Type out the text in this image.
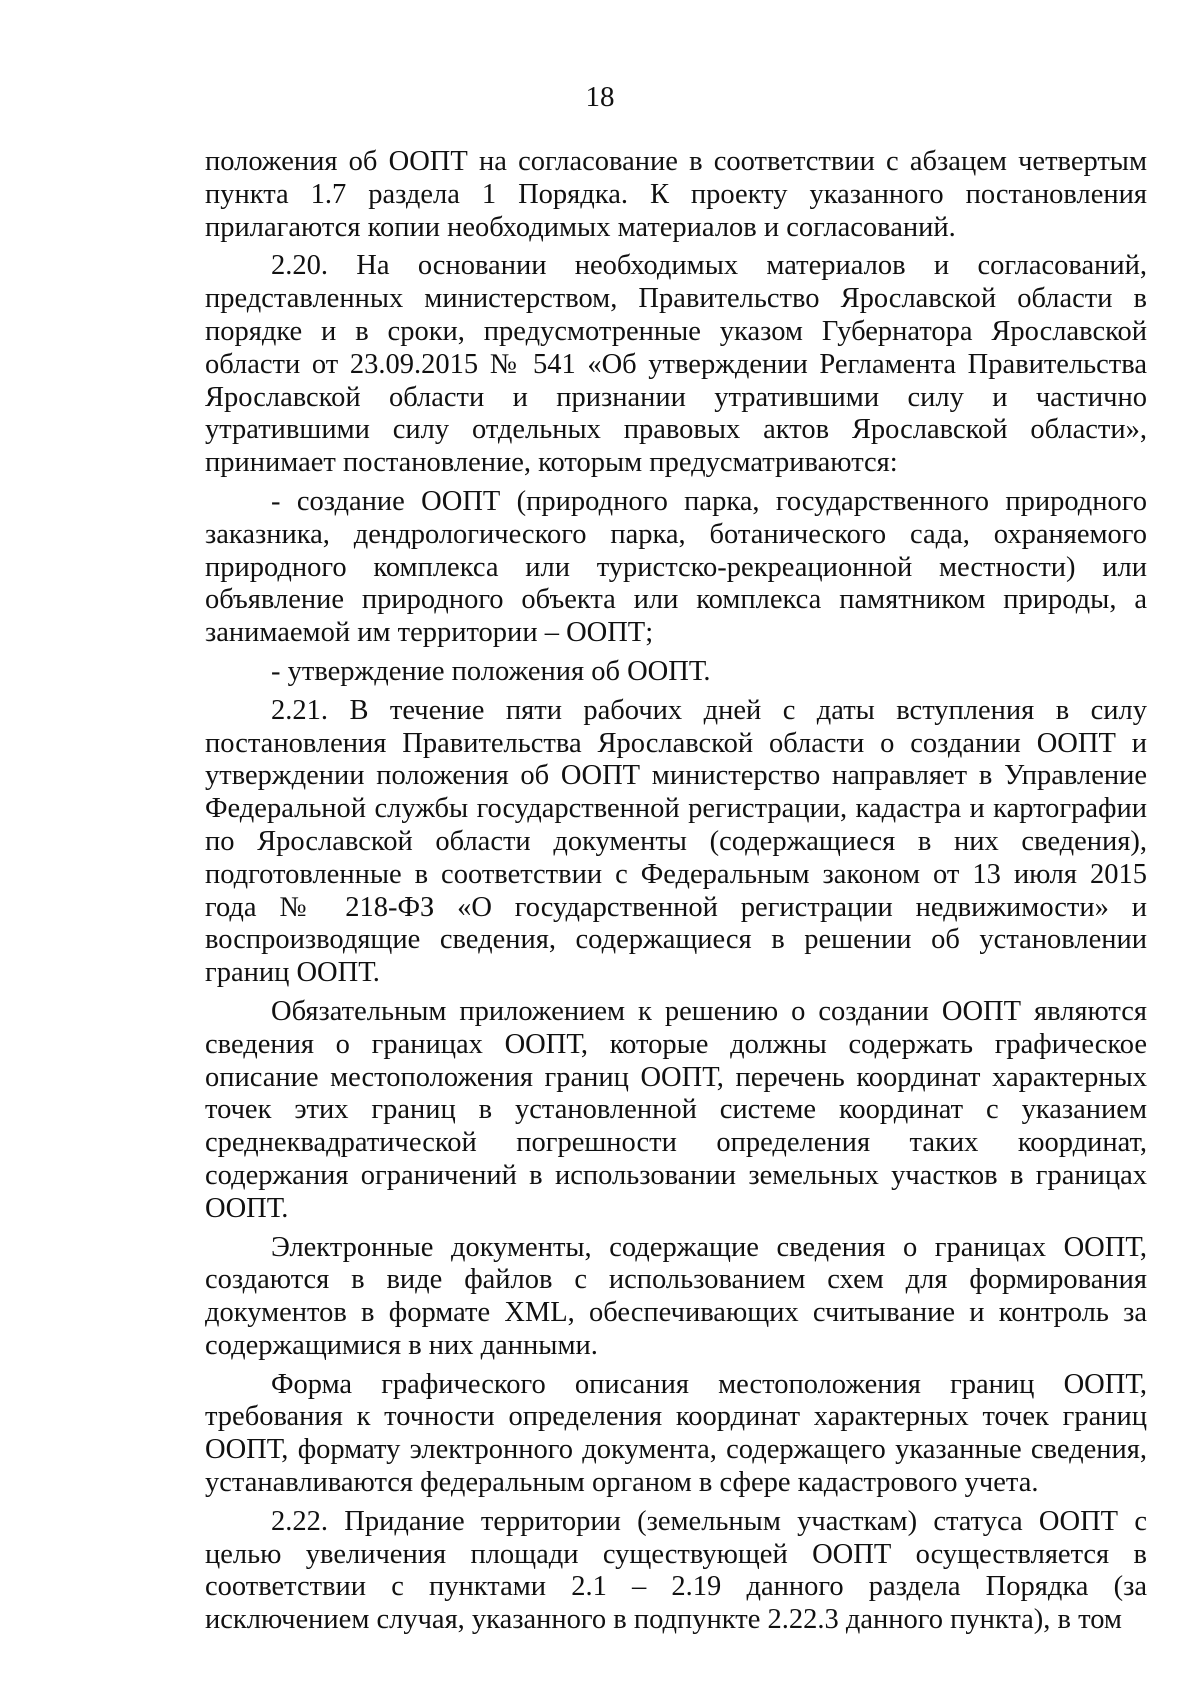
18

положения об ООПТ на согласование в соответствии с абзацем четвертым пункта 1.7 раздела 1 Порядка. К проекту указанного постановления прилагаются копии необходимых материалов и согласований.

2.20. На основании необходимых материалов и согласований, представленных министерством, Правительство Ярославской области в порядке и в сроки, предусмотренные указом Губернатора Ярославской области от 23.09.2015 № 541 «Об утверждении Регламента Правительства Ярославской области и признании утратившими силу и частично утратившими силу отдельных правовых актов Ярославской области», принимает постановление, которым предусматриваются:

- создание ООПТ (природного парка, государственного природного заказника, дендрологического парка, ботанического сада, охраняемого природного комплекса или туристско-рекреационной местности) или объявление природного объекта или комплекса памятником природы, а занимаемой им территории – ООПТ;

- утверждение положения об ООПТ.

2.21. В течение пяти рабочих дней с даты вступления в силу постановления Правительства Ярославской области о создании ООПТ и утверждении положения об ООПТ министерство направляет в Управление Федеральной службы государственной регистрации, кадастра и картографии по Ярославской области документы (содержащиеся в них сведения), подготовленные в соответствии с Федеральным законом от 13 июля 2015 года № 218-ФЗ «О государственной регистрации недвижимости» и воспроизводящие сведения, содержащиеся в решении об установлении границ ООПТ.

Обязательным приложением к решению о создании ООПТ являются сведения о границах ООПТ, которые должны содержать графическое описание местоположения границ ООПТ, перечень координат характерных точек этих границ в установленной системе координат с указанием среднеквадратической погрешности определения таких координат, содержания ограничений в использовании земельных участков в границах ООПТ.

Электронные документы, содержащие сведения о границах ООПТ, создаются в виде файлов с использованием схем для формирования документов в формате XML, обеспечивающих считывание и контроль за содержащимися в них данными.

Форма графического описания местоположения границ ООПТ, требования к точности определения координат характерных точек границ ООПТ, формату электронного документа, содержащего указанные сведения, устанавливаются федеральным органом в сфере кадастрового учета.

2.22. Придание территории (земельным участкам) статуса ООПТ с целью увеличения площади существующей ООПТ осуществляется в соответствии с пунктами 2.1 – 2.19 данного раздела Порядка (за исключением случая, указанного в подпункте 2.22.3 данного пункта), в том
